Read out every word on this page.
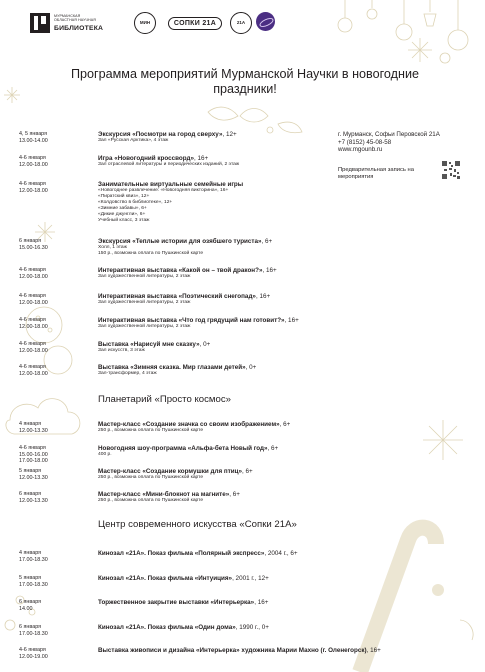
МУРМАНСКАЯ
ОБЛАСТНАЯ НАУЧНАЯ
БИБЛИОТЕКА
МИН	СОПКИ 21А	21А
Программа мероприятий Мурманской Научки в новогодние праздники!
г. Мурманск, Софьи Перовской 21А
+7 (8152) 45-08-58
www.mgounb.ru
Предварительная запись на мероприятия
4, 5 января
13.00-14.00
Экскурсия «Посмотри на город сверху», 12+
Зал «Русская Арктика», 4 этаж
4-6 января
12.00-18.00
Игра «Новогодний кроссворд», 16+
Зал отраслевой литературы и периодических изданий, 2 этаж
4-6 января
12.00-18.00
Занимательные виртуальные семейные игры
«Новогоднее развлечение: «Новогодняя викторина», 16+
«Пиратский квиз», 12+
«Колдовство в библиотеке», 12+
«Зимние забавы», 6+
«Дикие джунгли», 6+
Учебный класс, 3 этаж
6 января
15.00-16.30
Экскурсия «Теплые истории для озябшего туриста», 6+
Холл, 1 этаж
150 р., возможна оплата по Пушкинской карте
4-6 января
12.00-18.00
Интерактивная выставка «Какой он – твой дракон?», 16+
Зал художественной литературы, 2 этаж
4-6 января
12.00-18.00
Интерактивная выставка «Поэтический снегопад», 16+
Зал художественной литературы, 2 этаж
4-6 января
12.00-18.00
Интерактивная выставка «Что год грядущий нам готовит?», 16+
Зал художественной литературы, 2 этаж
4-6 января
12.00-18.00
Выставка «Нарисуй мне сказку», 0+
Зал искусств, 3 этаж
4-6 января
12.00-18.00
Выставка «Зимняя сказка. Мир глазами детей», 0+
Зал-трансформер, 4 этаж
Планетарий «Просто космос»
4 января
12.00-13.30
Мастер-класс «Создание значка со своим изображением», 6+
250 р., возможна оплата по Пушкинской карте
4-6 января
15.00-16.00
17.00-18.00
Новогодняя шоу-программа «Альфа-бета Новый год», 6+
400 р.
5 января
12.00-13.30
Мастер-класс «Создание кормушки для птиц», 6+
250 р., возможна оплата по Пушкинской карте
6 января
12.00-13.30
Мастер-класс «Мини-блокнот на магните», 6+
250 р., возможна оплата по Пушкинской карте
Центр современного искусства «Сопки 21А»
4 января
17.00-18.30
Кинозал «21А». Показ фильма «Полярный экспресс», 2004 г., 6+
5 января
17.00-18.30
Кинозал «21А». Показ фильма «Интуиция», 2001 г., 12+
6 января
14.00
Торжественное закрытие выставки «Интерьеркa», 16+
6 января
17.00-18.30
Кинозал «21А». Показ фильма «Один дома», 1990 г., 0+
4-6 января
12.00-19.00
Выставка живописи и дизайна «Интерьеркa» художника Марии Махно (г. Оленегорск), 16+
